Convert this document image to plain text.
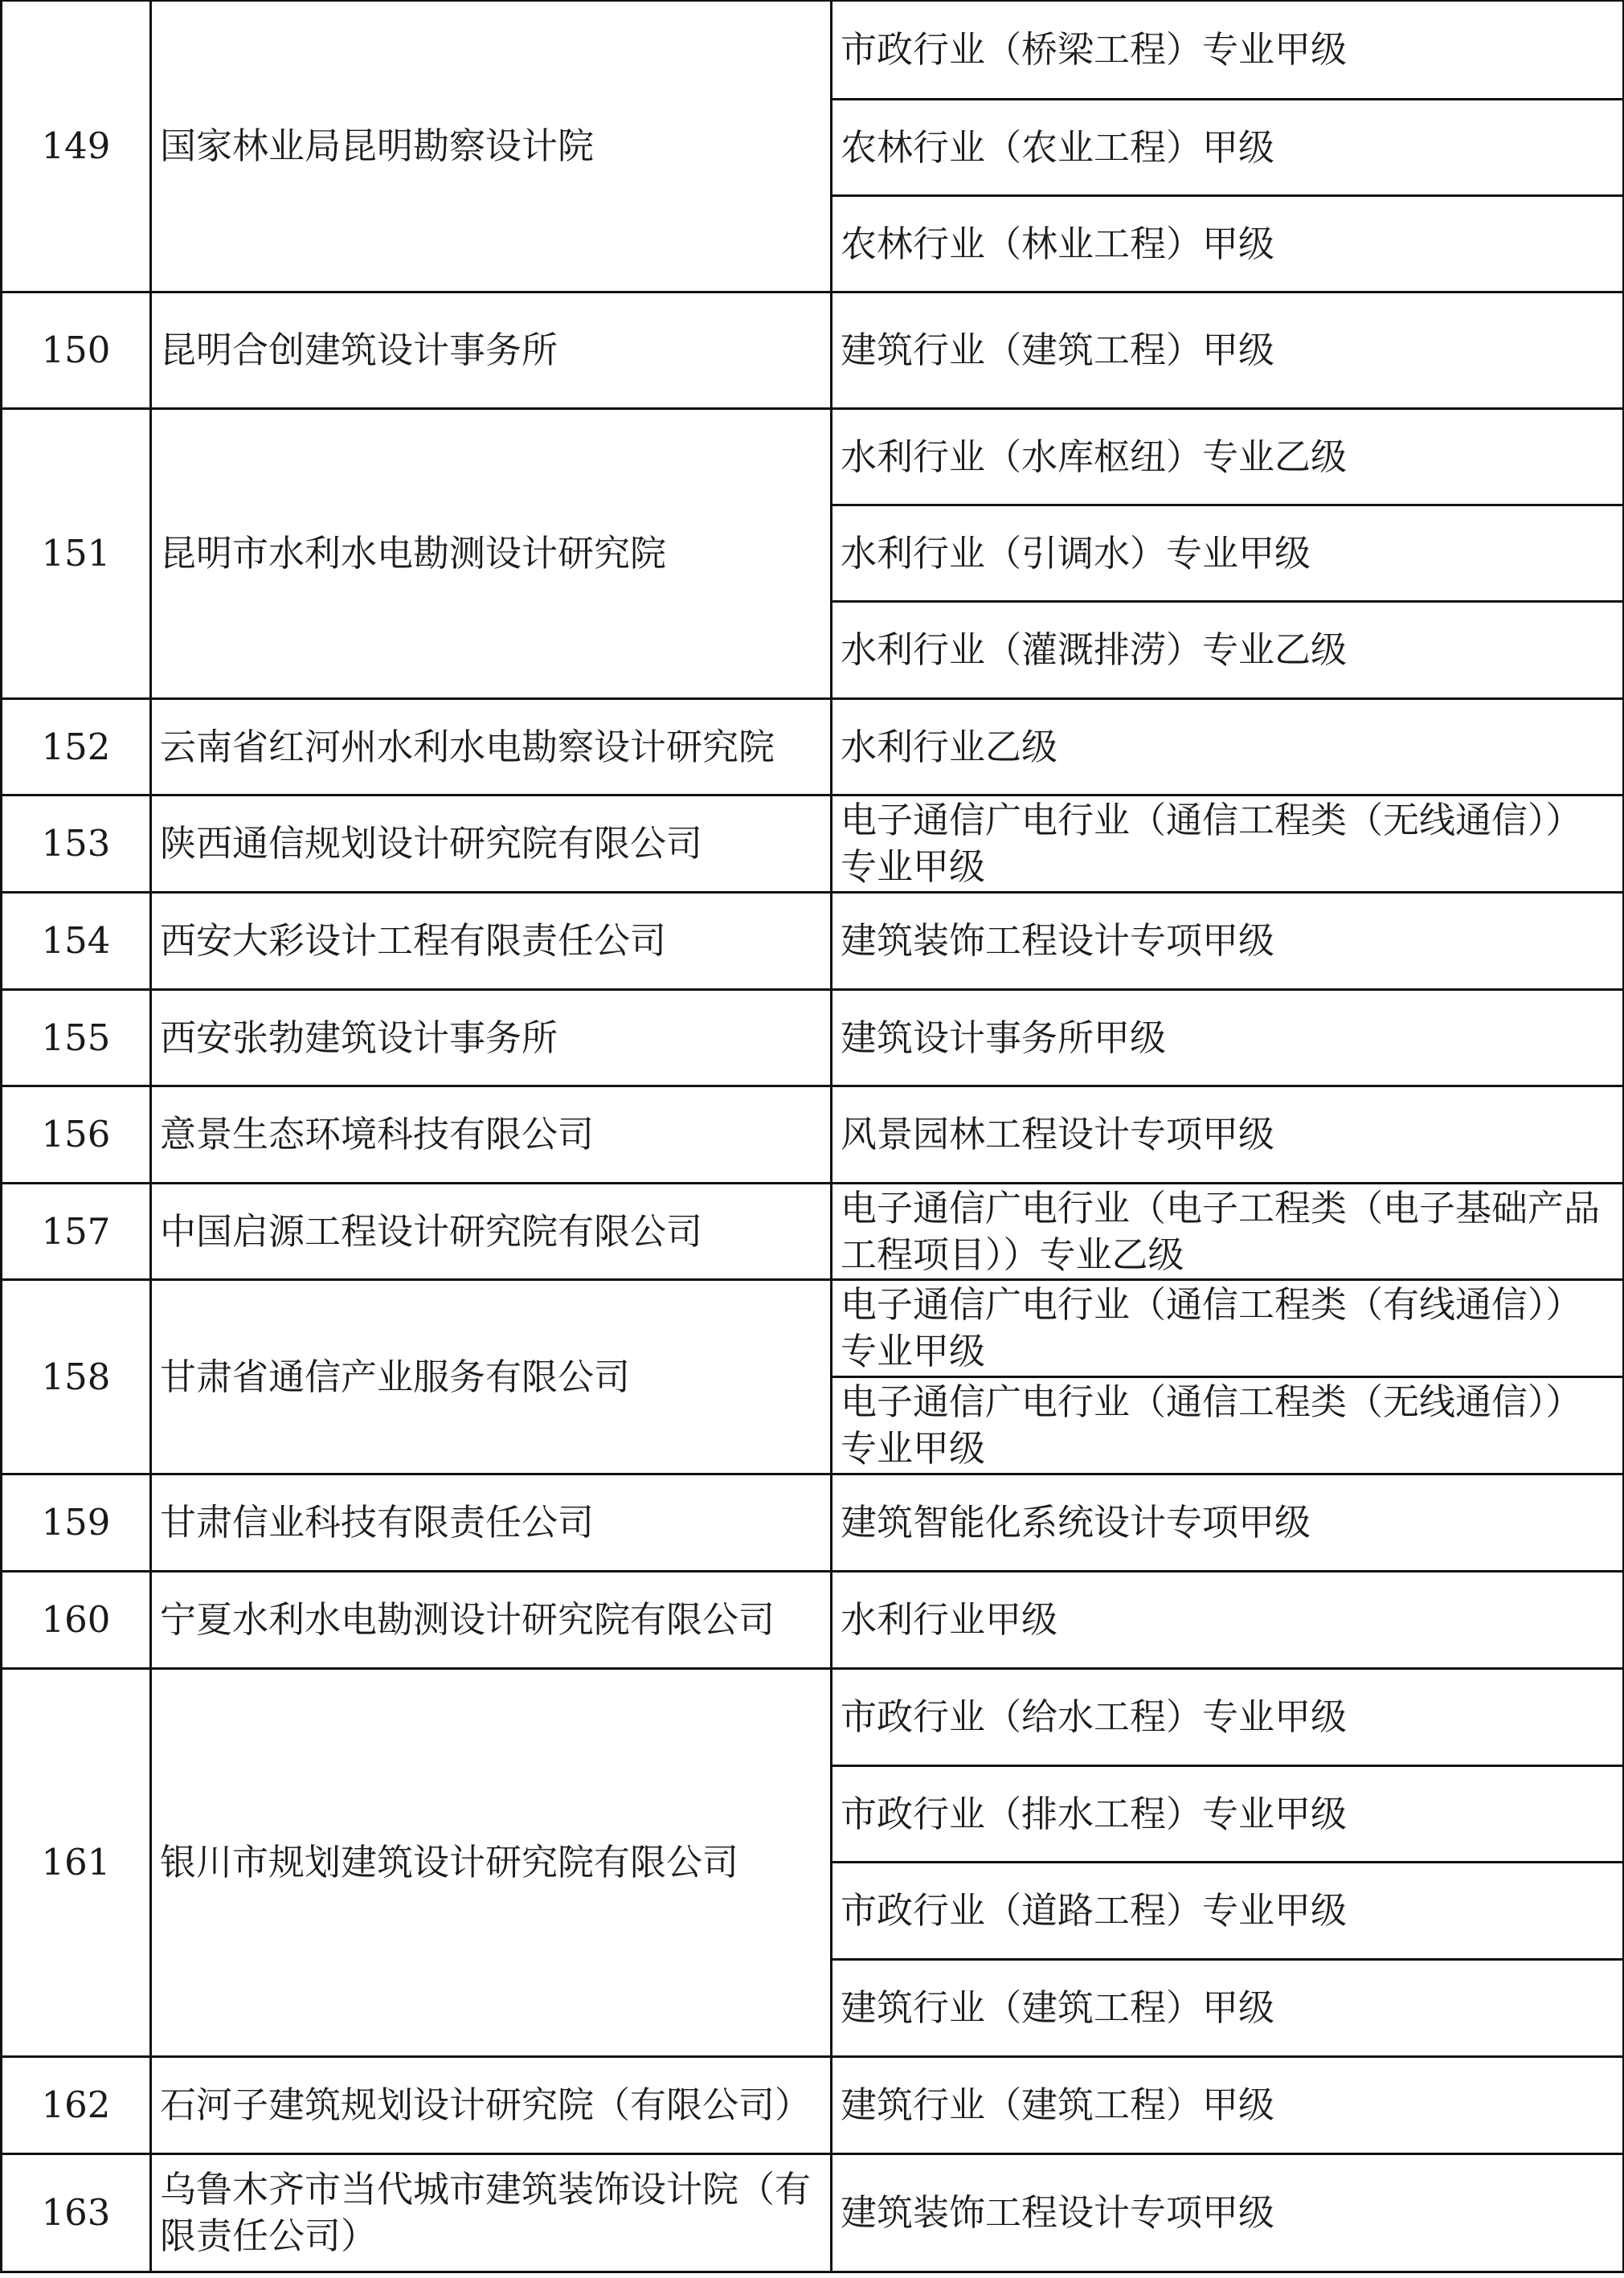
149	国家林业局昆明勘察设计院	市政行业（桥梁工程）专业甲级

		农林行业（农业工程）甲级

		农林行业（林业工程）甲级

150	昆明合创建筑设计事务所	建筑行业（建筑工程）甲级

151	昆明市水利水电勘测设计研究院	水利行业（水库枢纽）专业乙级

		水利行业（引调水）专业甲级

		水利行业（灌溉排涝）专业乙级

152	云南省红河州水利水电勘察设计研究院	水利行业乙级

153	陕西通信规划设计研究院有限公司	电子通信广电行业（通信工程类（无线通信））专业甲级

154	西安大彩设计工程有限责任公司	建筑装饰工程设计专项甲级

155	西安张勃建筑设计事务所	建筑设计事务所甲级

156	意景生态环境科技有限公司	风景园林工程设计专项甲级

157	中国启源工程设计研究院有限公司	电子通信广电行业（电子工程类（电子基础产品工程项目））专业乙级

158	甘肃省通信产业服务有限公司	电子通信广电行业（通信工程类（有线通信））专业甲级

		电子通信广电行业（通信工程类（无线通信））专业甲级

159	甘肃信业科技有限责任公司	建筑智能化系统设计专项甲级

160	宁夏水利水电勘测设计研究院有限公司	水利行业甲级

161	银川市规划建筑设计研究院有限公司	市政行业（给水工程）专业甲级

		市政行业（排水工程）专业甲级

		市政行业（道路工程）专业甲级

		建筑行业（建筑工程）甲级

162	石河子建筑规划设计研究院（有限公司）	建筑行业（建筑工程）甲级

163	乌鲁木齐市当代城市建筑装饰设计院（有限责任公司）	建筑装饰工程设计专项甲级
